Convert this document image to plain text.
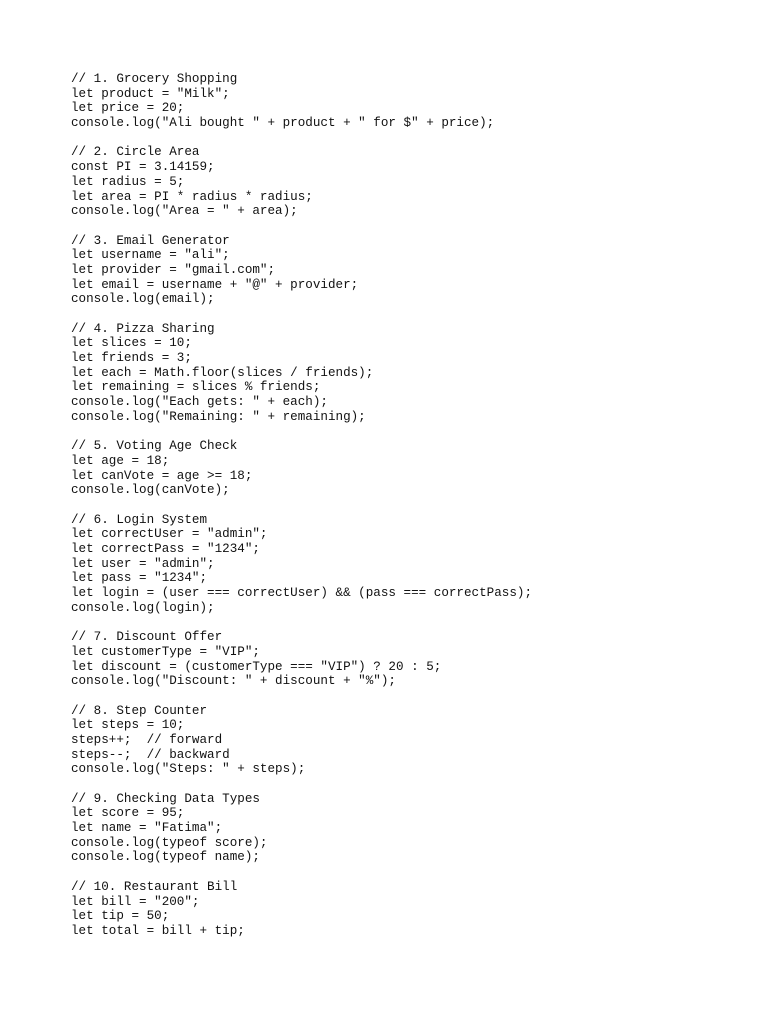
// 1. Grocery Shopping
let product = "Milk";
let price = 20;
console.log("Ali bought " + product + " for $" + price);
// 2. Circle Area
const PI = 3.14159;
let radius = 5;
let area = PI * radius * radius;
console.log("Area = " + area);
// 3. Email Generator
let username = "ali";
let provider = "gmail.com";
let email = username + "@" + provider;
console.log(email);
// 4. Pizza Sharing
let slices = 10;
let friends = 3;
let each = Math.floor(slices / friends);
let remaining = slices % friends;
console.log("Each gets: " + each);
console.log("Remaining: " + remaining);
// 5. Voting Age Check
let age = 18;
let canVote = age >= 18;
console.log(canVote);
// 6. Login System
let correctUser = "admin";
let correctPass = "1234";
let user = "admin";
let pass = "1234";
let login = (user === correctUser) && (pass === correctPass);
console.log(login);
// 7. Discount Offer
let customerType = "VIP";
let discount = (customerType === "VIP") ? 20 : 5;
console.log("Discount: " + discount + "%");
// 8. Step Counter
let steps = 10;
steps++;  // forward
steps--;  // backward
console.log("Steps: " + steps);
// 9. Checking Data Types
let score = 95;
let name = "Fatima";
console.log(typeof score);
console.log(typeof name);
// 10. Restaurant Bill
let bill = "200";
let tip = 50;
let total = bill + tip;
